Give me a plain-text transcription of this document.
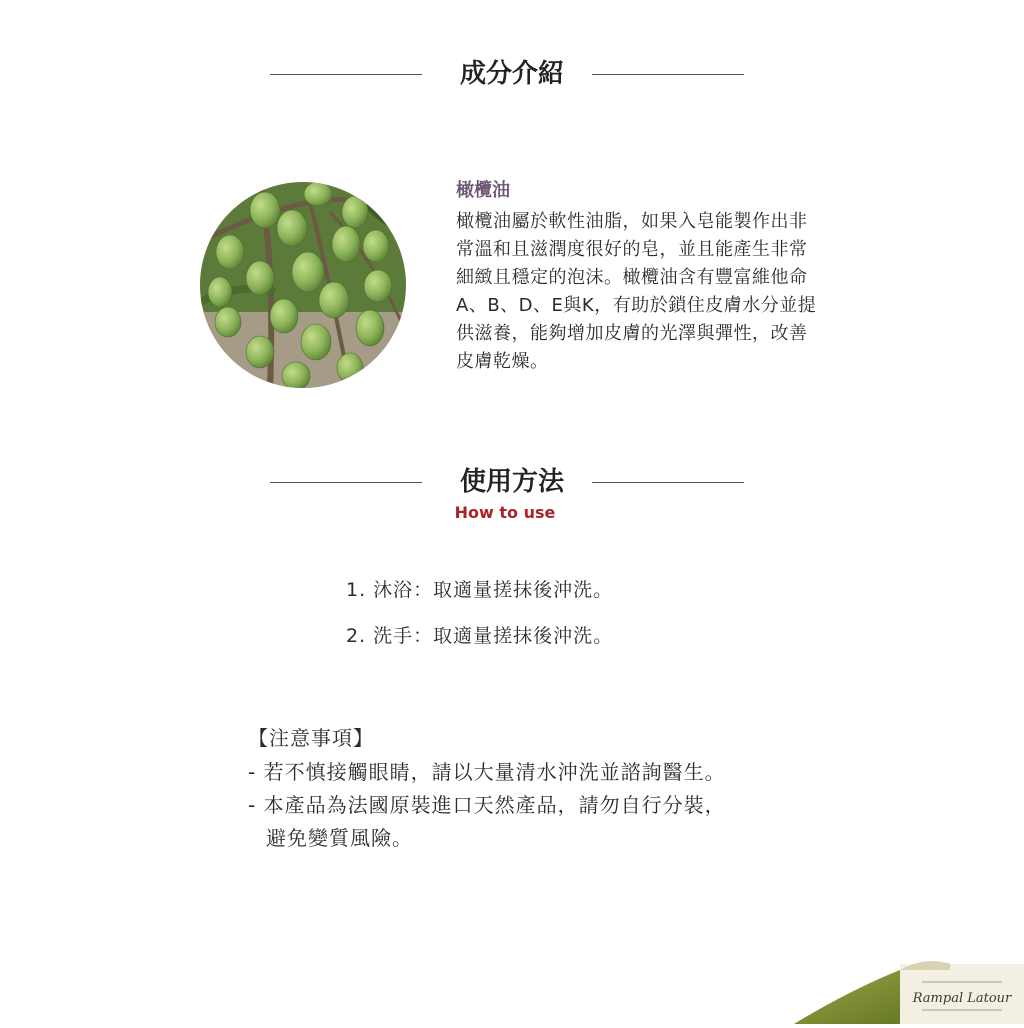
成分介紹
橄欖油
橄欖油屬於軟性油脂，如果入皂能製作出非常溫和且滋潤度很好的皂，並且能產生非常細緻且穩定的泡沫。橄欖油含有豐富維他命A、B、D、E與K，有助於鎖住皮膚水分並提供滋養，能夠增加皮膚的光澤與彈性，改善皮膚乾燥。
使用方法
How to use
1. 沐浴：取適量搓抹後沖洗。
2. 洗手：取適量搓抹後沖洗。
【注意事項】
- 若不慎接觸眼睛，請以大量清水沖洗並諮詢醫生。
- 本產品為法國原裝進口天然產品，請勿自行分裝，
避免變質風險。
Rampal Latour
